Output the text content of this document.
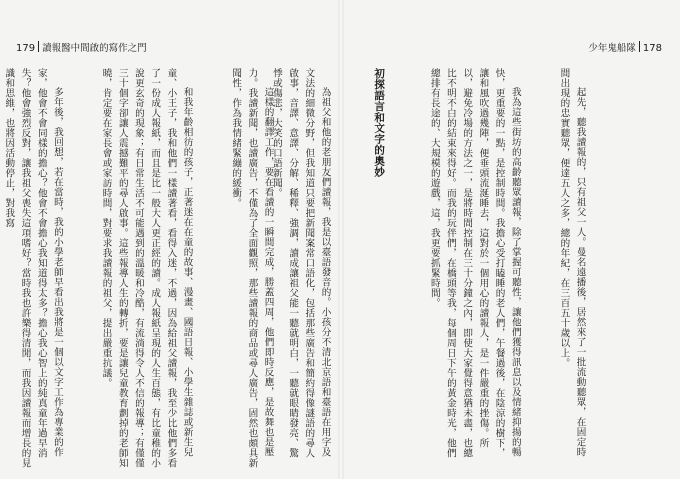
179 讀報醫中間啟的寫作之門	少年鬼船隊 178

這樣的翻譯工作，要在看讀的一瞬間完成，勝蓋四周，他們即時反應，是故舞也是壓力。我讀新聞，也讀廣告，不僅為了全面觀照，那些讀報的商品或尋人廣告，固然也頗具新聞性，作為我情緒緊繃的緩衝。

和我年齡相彷的孩子，正著迷在在童的故事、漫畫、國語日報、小學生雜誌或新生兒童、小王子，我和他們一樣讀著看，看得入迷，不過，因為給祖父讀報，我至少比他們多看了一份成人報紙，而且是比一般大人更正經的讀。成人報紙呈現的人生百態，有比童稚的小說更玄奇的現象；有日常生活不可能遇到的溫暖和冷酷，有流淌得令人不信的報導；有僅僅三十個字卻讓人震撼難平的尋人啟事。這些報導人生的轉折，要是讓兒童教育劃掉的老師知曉，肯定要在家長會或家訪時間，對要求我讀報的祖父，提出嚴重抗議。

多年後，我回想，若在當時，我的小學老師早看出我將是一個以文字工作為專業的作家，他會不會同樣的擔心？他會不會擔心我知道得太多？擔心我心智上的純真童年過早消失？他會強烈反對，讓我祖父喪失這項嗜好？當時我也許樂得清閒，而我因讀報而增長的見識和思維，也將因活動停止，對我寫

	起先，聽我讀報的，只有祖父一人。曼名遠播後，居然來了一批流動聽眾，在固定時間出現的忠實聽眾，便達五人之多，總的年紀，在三百五十歲以上。

我為這些街坊的高齡聽眾讀報，除了掌握可聽性，讓他們獲得訊息以及情緒抑揚的暢快，更重要的一點，是控制時間。我擔心受打瞌睡的老人們，午餐過後，在陰涼的樹下，讓和風吹過幾陣，便垂頭流涎睡去，這對於一個用心的讀報人，是一件嚴重的挫傷。所以，避免冷場的方法之一，是將時間控制在三十分鐘之內，即使大家覺得意猶未盡，也總比不明不白的結束來得好。而我的玩伴們，在橋頭等我，每個周日下午的黃金時光，他們總排有長途的、大規模的遊戲，這，我更要抓緊時間。

初探語言和文字的奧妙

為祖父和他的老朋友們讀報，我是以臺語發音的。小孩分不清北京語和臺語在用字及文法的細微分野，但我知道只要把新聞案常口語化，包括那些廣告和簡約得像謎語的尋人啟事，音譯、意譯、分解、稀釋、強調，讀成讓祖父能一聽就明白，一聽就眼睛發亮、驚悸或傷悲，大笑的口語新聞。
